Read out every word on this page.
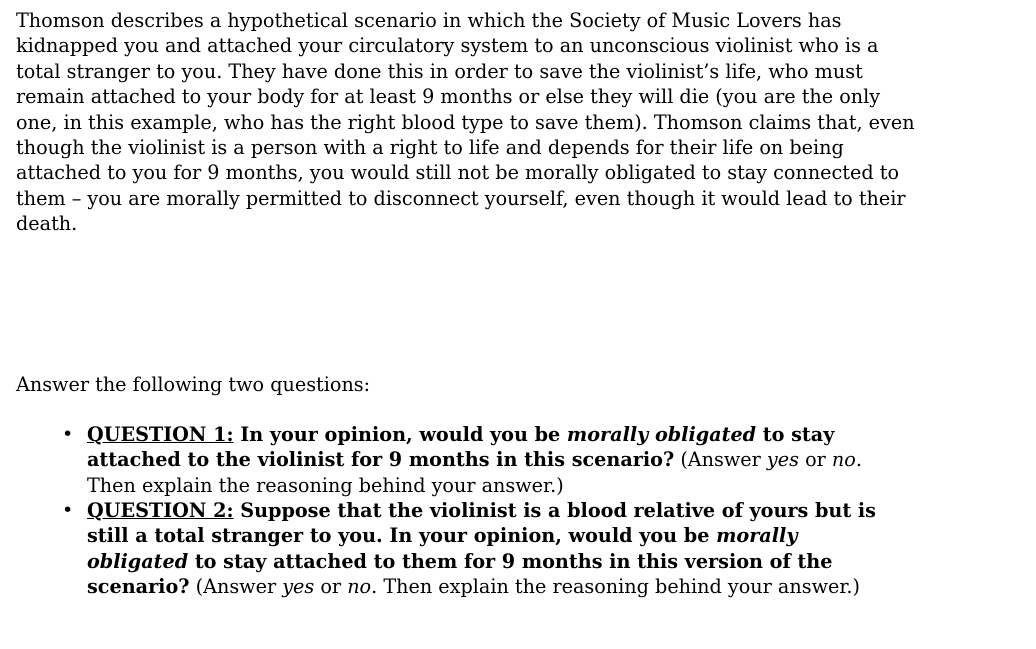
Thomson describes a hypothetical scenario in which the Society of Music Lovers has
kidnapped you and attached your circulatory system to an unconscious violinist who is a
total stranger to you. They have done this in order to save the violinist’s life, who must
remain attached to your body for at least 9 months or else they will die (you are the only
one, in this example, who has the right blood type to save them). Thomson claims that, even
though the violinist is a person with a right to life and depends for their life on being
attached to you for 9 months, you would still not be morally obligated to stay connected to
them – you are morally permitted to disconnect yourself, even though it would lead to their
death.
Answer the following two questions:
• QUESTION 1: In your opinion, would you be morally obligated to stay
attached to the violinist for 9 months in this scenario? (Answer yes or no.
Then explain the reasoning behind your answer.)
• QUESTION 2: Suppose that the violinist is a blood relative of yours but is
still a total stranger to you. In your opinion, would you be morally
obligated to stay attached to them for 9 months in this version of the
scenario? (Answer yes or no. Then explain the reasoning behind your answer.)
